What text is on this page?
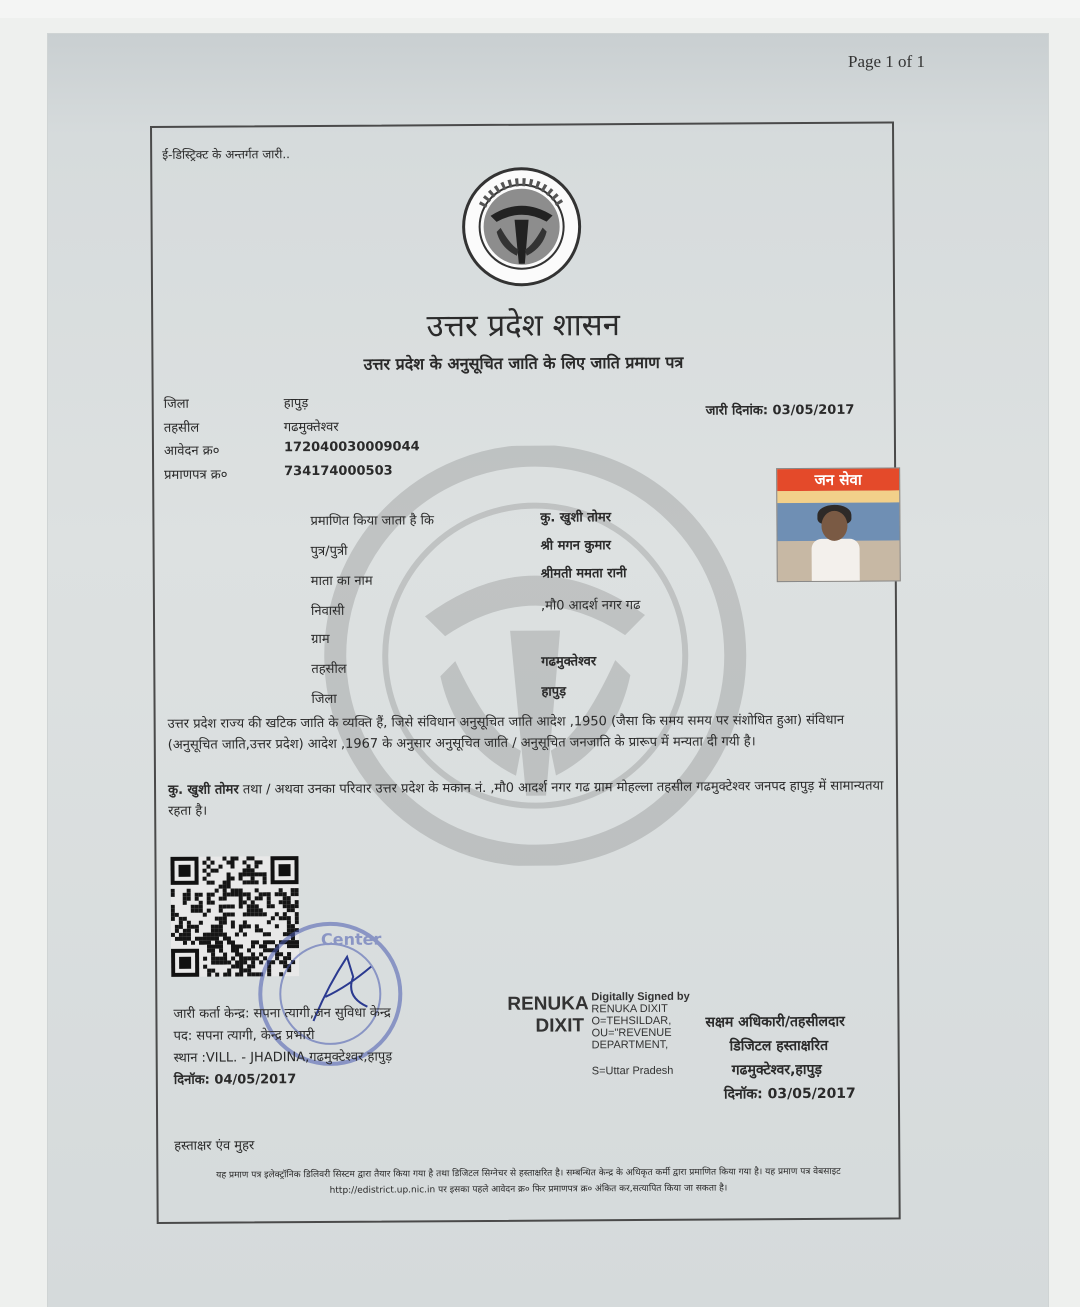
Page 1 of 1
ई-डिस्ट्रिक्ट के अन्तर्गत जारी..
उत्तर प्रदेश शासन
उत्तर प्रदेश के अनुसूचित जाति के लिए जाति प्रमाण पत्र
जिला	हापुड़
तहसील	गढमुक्तेश्वर
आवेदन क्र०	172040030009044
प्रमाणपत्र क्र०	734174000503
जारी दिनांक: 03/05/2017
जन सेवा
प्रमाणित किया जाता है कि	कु. खुशी तोमर
पुत्र/पुत्री	श्री मगन कुमार
माता का नाम	श्रीमती ममता रानी
निवासी	,मौ0 आदर्श नगर गढ
ग्राम
तहसील	गढमुक्तेश्वर
जिला	हापुड़
उत्तर प्रदेश राज्य की खटिक जाति के व्यक्ति हैं, जिसे संविधान अनुसूचित जाति आदेश ,1950 (जैसा कि समय समय पर संशोधित हुआ) संविधान (अनुसूचित जाति,उत्तर प्रदेश) आदेश ,1967 के अनुसार अनुसूचित जाति / अनुसूचित जनजाति के प्रारूप में मन्यता दी गयी है।
कु. खुशी तोमर तथा / अथवा उनका परिवार उत्तर प्रदेश के मकान नं. ,मौ0 आदर्श नगर गढ ग्राम मोहल्ला तहसील गढमुक्टेश्वर जनपद हापुड़ में सामान्यतया रहता है।
Center
जारी कर्ता केन्द्र: सपना त्यागी,जन सुविधा केन्द्र
पद: सपना त्यागी, केन्द्र प्रभारी
स्थान :VILL. - JHADINA,गढमुक्टेश्वर,हापुड़
दिनॉक: 04/05/2017
RENUKA
DIXIT
Digitally Signed by
RENUKA DIXIT
O=TEHSILDAR,
OU="REVENUE
DEPARTMENT,
S=Uttar Pradesh
सक्षम अधिकारी/तहसीलदार
डिजिटल हस्ताक्षरित
गढमुक्टेश्वर,हापुड़
दिनॉक: 03/05/2017
हस्ताक्षर एंव मुहर
यह प्रमाण पत्र इलेक्ट्रॉनिक डिलिवरी सिस्टम द्वारा तैयार किया गया है तथा डिजिटल सिग्नेचर से हस्ताक्षरित है। सम्बन्धित केन्द्र के अधिकृत कर्मी द्वारा प्रमाणित किया गया है। यह प्रमाण पत्र वेबसाइट http://edistrict.up.nic.in पर इसका पहले आवेदन क्र० फिर प्रमाणपत्र क्र० अंकित कर,सत्यापित किया जा सकता है।
